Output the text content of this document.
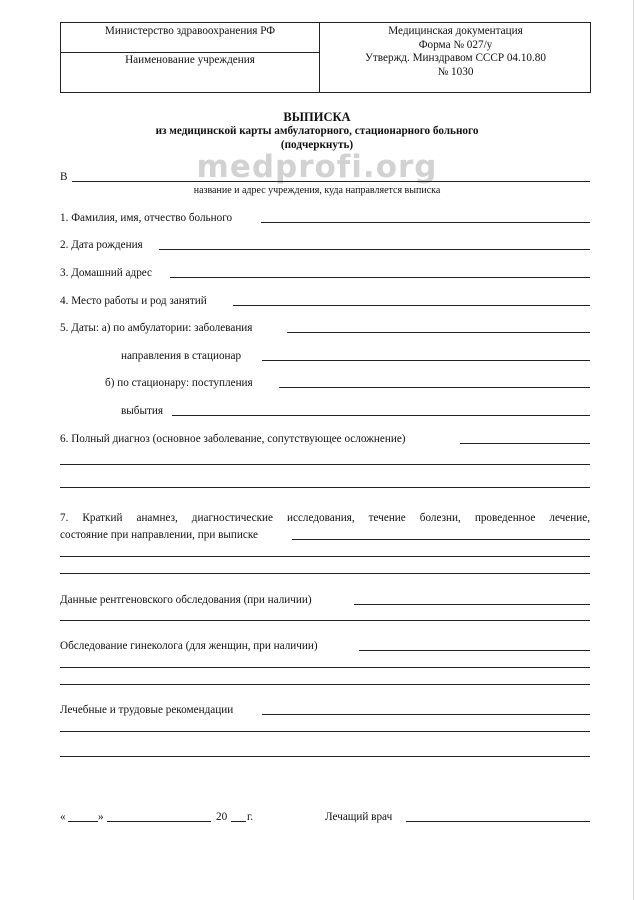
Министерство здравоохранения РФ
Наименование учреждения
Медицинская документация
Форма № 027/у
Утвержд. Минздравом СССР 04.10.80
№ 1030
ВЫПИСКА
из медицинской карты амбулаторного, стационарного больного
(подчеркнуть)
medprofi.org
В
название и адрес учреждения, куда направляется выписка
1. Фамилия, имя, отчество больного
2. Дата рождения
3. Домашний адрес
4. Место работы и род занятий
5. Даты: а) по амбулатории: заболевания
направления в стационар
б) по стационару: поступления
выбытия
6. Полный диагноз (основное заболевание, сопутствующее осложнение)
7. Краткий анамнез, диагностические исследования, течение болезни, проведенное лечение,
состояние при направлении, при выписке
Данные рентгеновского обследования (при наличии)
Обследование гинеколога (для женщин, при наличии)
Лечебные и трудовые рекомендации
«	»	20 г.	Лечащий врач
